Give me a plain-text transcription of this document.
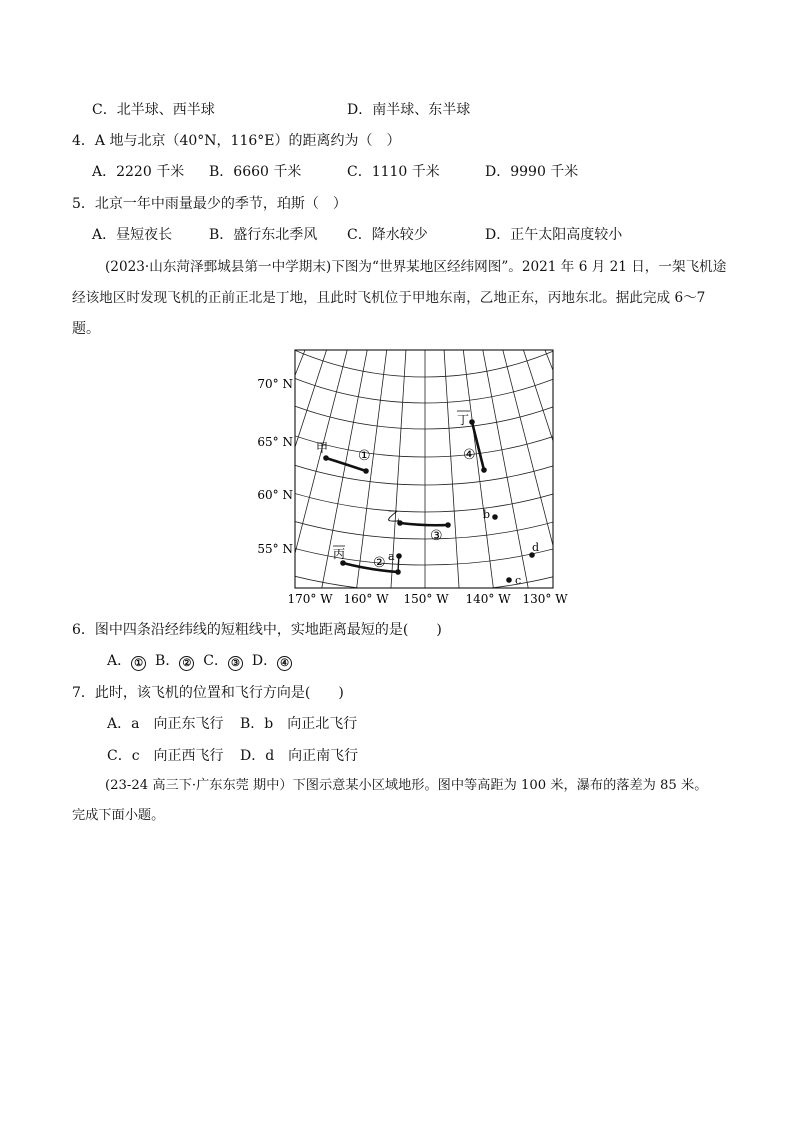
C．北半球、西半球	D．南半球、东半球
4．A 地与北京（40°N，116°E）的距离约为（　）
A．2220 千米 B．6660 千米	C．1110 千米	D．9990 千米
5．北京一年中雨量最少的季节，珀斯（　）
A．昼短夜长	B．盛行东北季风 C．降水较少	D．正午太阳高度较小
(2023·山东菏泽鄄城县第一中学期末)下图为“世界某地区经纬网图”。2021 年 6 月 21 日，一架飞机途
经该地区时发现飞机的正前正北是丁地，且此时飞机位于甲地东南，乙地正东，丙地东北。据此完成 6～7
题。
70° N
65° N
60° N
55° N
170° W 160° W 150° W 140° W 130° W
甲
乙
丙
丁
a
b
c
d
①
②
③
④
6．图中四条沿经纬线的短粗线中，实地距离最短的是(　　)
A． ① B． ② C． ③ D． ④
7．此时，该飞机的位置和飞行方向是(　　)
A．a　向正东飞行 B．b　向正北飞行
C．c　向正西飞行 D．d　向正南飞行
(23-24 高三下·广东东莞 期中）下图示意某小区域地形。图中等高距为 100 米，瀑布的落差为 85 米。
完成下面小题。
